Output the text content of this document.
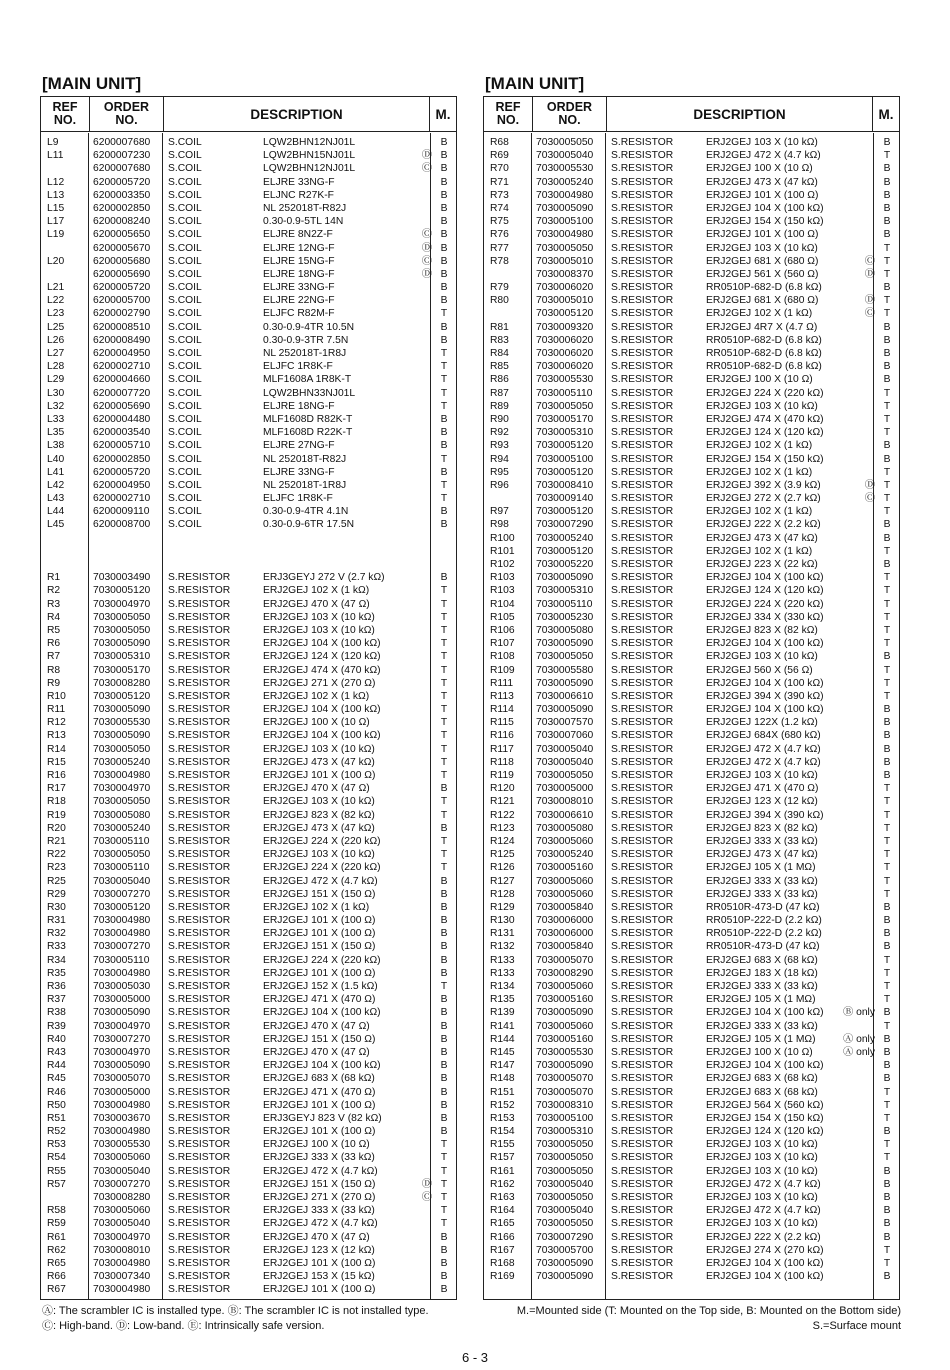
[MAIN UNIT]
REF
NO.
ORDER
NO.	DESCRIPTION	M.
L9	6200007680 S.COIL	LQW2BHN12NJ01L	B
L11	6200007230 S.COIL	LQW2BHN15NJ01L	Ⓓ B
6200007680 S.COIL	LQW2BHN12NJ01L	Ⓒ B
L12	6200005720 S.COIL	ELJRE 33NG-F	B
L13	6200003350 S.COIL	ELJNC R27K-F	B
L15	6200002850 S.COIL	NL 252018T-R82J	B
L17	6200008240 S.COIL	0.30-0.9-5TL 14N	B
L19	6200005650 S.COIL	ELJRE 8N2Z-F	Ⓒ B
6200005670 S.COIL	ELJRE 12NG-F	Ⓓ B
L20	6200005680 S.COIL	ELJRE 15NG-F	Ⓒ B
6200005690 S.COIL	ELJRE 18NG-F	Ⓓ B
L21	6200005720 S.COIL	ELJRE 33NG-F	B
L22	6200005700 S.COIL	ELJRE 22NG-F	B
L23	6200002790 S.COIL	ELJFC R82M-F	T
L25	6200008510 S.COIL	0.30-0.9-4TR 10.5N	B
L26	6200008490 S.COIL	0.30-0.9-3TR 7.5N	B
L27	6200004950 S.COIL	NL 252018T-1R8J	T
L28	6200002710 S.COIL	ELJFC 1R8K-F	T
L29	6200004660 S.COIL	MLF1608A 1R8K-T	T
L30	6200007720 S.COIL	LQW2BHN33NJ01L	T
L32	6200005690 S.COIL	ELJRE 18NG-F	T
L33	6200004480 S.COIL	MLF1608D R82K-T	B
L35	6200003540 S.COIL	MLF1608D R22K-T	B
L38	6200005710 S.COIL	ELJRE 27NG-F	B
L40	6200002850 S.COIL	NL 252018T-R82J	T
L41	6200005720 S.COIL	ELJRE 33NG-F	B
L42	6200004950 S.COIL	NL 252018T-1R8J	T
L43	6200002710 S.COIL	ELJFC 1R8K-F	T
L44	6200009110 S.COIL	0.30-0.9-4TR 4.1N	B
L45	6200008700 S.COIL	0.30-0.9-6TR 17.5N	B
R1	7030003490 S.RESISTOR	ERJ3GEYJ 272 V (2.7 kΩ)	B
R2	7030005120 S.RESISTOR	ERJ2GEJ 102 X (1 kΩ)	T
R3	7030004970 S.RESISTOR	ERJ2GEJ 470 X (47 Ω)	T
R4	7030005050 S.RESISTOR	ERJ2GEJ 103 X (10 kΩ)	T
R5	7030005050 S.RESISTOR	ERJ2GEJ 103 X (10 kΩ)	T
R6	7030005090 S.RESISTOR	ERJ2GEJ 104 X (100 kΩ)	T
R7	7030005310 S.RESISTOR	ERJ2GEJ 124 X (120 kΩ)	T
R8	7030005170 S.RESISTOR	ERJ2GEJ 474 X (470 kΩ)	T
R9	7030008280 S.RESISTOR	ERJ2GEJ 271 X (270 Ω)	T
R10	7030005120 S.RESISTOR	ERJ2GEJ 102 X (1 kΩ)	T
R11	7030005090 S.RESISTOR	ERJ2GEJ 104 X (100 kΩ)	T
R12	7030005530 S.RESISTOR	ERJ2GEJ 100 X (10 Ω)	T
R13	7030005090 S.RESISTOR	ERJ2GEJ 104 X (100 kΩ)	T
R14	7030005050 S.RESISTOR	ERJ2GEJ 103 X (10 kΩ)	T
R15	7030005240 S.RESISTOR	ERJ2GEJ 473 X (47 kΩ)	T
R16	7030004980 S.RESISTOR	ERJ2GEJ 101 X (100 Ω)	T
R17	7030004970 S.RESISTOR	ERJ2GEJ 470 X (47 Ω)	B
R18	7030005050 S.RESISTOR	ERJ2GEJ 103 X (10 kΩ)	T
R19	7030005080 S.RESISTOR	ERJ2GEJ 823 X (82 kΩ)	T
R20	7030005240 S.RESISTOR	ERJ2GEJ 473 X (47 kΩ)	B
R21	7030005110 S.RESISTOR	ERJ2GEJ 224 X (220 kΩ)	T
R22	7030005050 S.RESISTOR	ERJ2GEJ 103 X (10 kΩ)	T
R23	7030005110 S.RESISTOR	ERJ2GEJ 224 X (220 kΩ)	T
R25	7030005040 S.RESISTOR	ERJ2GEJ 472 X (4.7 kΩ)	B
R29	7030007270 S.RESISTOR	ERJ2GEJ 151 X (150 Ω)	B
R30	7030005120 S.RESISTOR	ERJ2GEJ 102 X (1 kΩ)	B
R31	7030004980 S.RESISTOR	ERJ2GEJ 101 X (100 Ω)	B
R32	7030004980 S.RESISTOR	ERJ2GEJ 101 X (100 Ω)	B
R33	7030007270 S.RESISTOR	ERJ2GEJ 151 X (150 Ω)	B
R34	7030005110 S.RESISTOR	ERJ2GEJ 224 X (220 kΩ)	B
R35	7030004980 S.RESISTOR	ERJ2GEJ 101 X (100 Ω)	B
R36	7030005030 S.RESISTOR	ERJ2GEJ 152 X (1.5 kΩ)	T
R37	7030005000 S.RESISTOR	ERJ2GEJ 471 X (470 Ω)	B
R38	7030005090 S.RESISTOR	ERJ2GEJ 104 X (100 kΩ)	B
R39	7030004970 S.RESISTOR	ERJ2GEJ 470 X (47 Ω)	B
R40	7030007270 S.RESISTOR	ERJ2GEJ 151 X (150 Ω)	B
R43	7030004970 S.RESISTOR	ERJ2GEJ 470 X (47 Ω)	B
R44	7030005090 S.RESISTOR	ERJ2GEJ 104 X (100 kΩ)	B
R45	7030005070 S.RESISTOR	ERJ2GEJ 683 X (68 kΩ)	B
R46	7030005000 S.RESISTOR	ERJ2GEJ 471 X (470 Ω)	B
R50	7030004980 S.RESISTOR	ERJ2GEJ 101 X (100 Ω)	B
R51	7030003670 S.RESISTOR	ERJ3GEYJ 823 V (82 kΩ)	B
R52	7030004980 S.RESISTOR	ERJ2GEJ 101 X (100 Ω)	B
R53	7030005530 S.RESISTOR	ERJ2GEJ 100 X (10 Ω)	T
R54	7030005060 S.RESISTOR	ERJ2GEJ 333 X (33 kΩ)	T
R55	7030005040 S.RESISTOR	ERJ2GEJ 472 X (4.7 kΩ)	T
R57	7030007270 S.RESISTOR	ERJ2GEJ 151 X (150 Ω)	Ⓓ T
7030008280 S.RESISTOR	ERJ2GEJ 271 X (270 Ω)	Ⓒ T
R58	7030005060 S.RESISTOR	ERJ2GEJ 333 X (33 kΩ)	T
R59	7030005040 S.RESISTOR	ERJ2GEJ 472 X (4.7 kΩ)	T
R61	7030004970 S.RESISTOR	ERJ2GEJ 470 X (47 Ω)	B
R62	7030008010 S.RESISTOR	ERJ2GEJ 123 X (12 kΩ)	B
R65	7030004980 S.RESISTOR	ERJ2GEJ 101 X (100 Ω)	B
R66	7030007340 S.RESISTOR	ERJ2GEJ 153 X (15 kΩ)	B
R67	7030004980 S.RESISTOR	ERJ2GEJ 101 X (100 Ω)	B
[MAIN UNIT]
REF
NO.
ORDER
NO.	DESCRIPTION	M.
R68	7030005050 S.RESISTOR	ERJ2GEJ 103 X (10 kΩ)	B
R69	7030005040 S.RESISTOR	ERJ2GEJ 472 X (4.7 kΩ)	T
R70	7030005530 S.RESISTOR	ERJ2GEJ 100 X (10 Ω)	B
R71	7030005240 S.RESISTOR	ERJ2GEJ 473 X (47 kΩ)	B
R73	7030004980 S.RESISTOR	ERJ2GEJ 101 X (100 Ω)	B
R74	7030005090 S.RESISTOR	ERJ2GEJ 104 X (100 kΩ)	B
R75	7030005100 S.RESISTOR	ERJ2GEJ 154 X (150 kΩ)	B
R76	7030004980 S.RESISTOR	ERJ2GEJ 101 X (100 Ω)	B
R77	7030005050 S.RESISTOR	ERJ2GEJ 103 X (10 kΩ)	T
R78	7030005010 S.RESISTOR	ERJ2GEJ 681 X (680 Ω)	Ⓒ T
7030008370 S.RESISTOR	ERJ2GEJ 561 X (560 Ω)	Ⓓ T
R79	7030006020 S.RESISTOR	RR0510P-682-D (6.8 kΩ)	B
R80	7030005010 S.RESISTOR	ERJ2GEJ 681 X (680 Ω)	Ⓓ T
7030005120 S.RESISTOR	ERJ2GEJ 102 X (1 kΩ)	Ⓒ T
R81	7030009320 S.RESISTOR	ERJ2GEJ 4R7 X (4.7 Ω)	B
R83	7030006020 S.RESISTOR	RR0510P-682-D (6.8 kΩ)	B
R84	7030006020 S.RESISTOR	RR0510P-682-D (6.8 kΩ)	B
R85	7030006020 S.RESISTOR	RR0510P-682-D (6.8 kΩ)	B
R86	7030005530 S.RESISTOR	ERJ2GEJ 100 X (10 Ω)	B
R87	7030005110 S.RESISTOR	ERJ2GEJ 224 X (220 kΩ)	T
R89	7030005050 S.RESISTOR	ERJ2GEJ 103 X (10 kΩ)	T
R90	7030005170 S.RESISTOR	ERJ2GEJ 474 X (470 kΩ)	T
R92	7030005310 S.RESISTOR	ERJ2GEJ 124 X (120 kΩ)	T
R93	7030005120 S.RESISTOR	ERJ2GEJ 102 X (1 kΩ)	B
R94	7030005100 S.RESISTOR	ERJ2GEJ 154 X (150 kΩ)	B
R95	7030005120 S.RESISTOR	ERJ2GEJ 102 X (1 kΩ)	T
R96	7030008410 S.RESISTOR	ERJ2GEJ 392 X (3.9 kΩ)	Ⓓ T
7030009140 S.RESISTOR	ERJ2GEJ 272 X (2.7 kΩ)	Ⓒ T
R97	7030005120 S.RESISTOR	ERJ2GEJ 102 X (1 kΩ)	T
R98	7030007290 S.RESISTOR	ERJ2GEJ 222 X (2.2 kΩ)	B
R100 7030005240 S.RESISTOR	ERJ2GEJ 473 X (47 kΩ)	B
R101 7030005120 S.RESISTOR	ERJ2GEJ 102 X (1 kΩ)	T
R102 7030005220 S.RESISTOR	ERJ2GEJ 223 X (22 kΩ)	B
R103 7030005090 S.RESISTOR	ERJ2GEJ 104 X (100 kΩ)	T
R103 7030005310 S.RESISTOR	ERJ2GEJ 124 X (120 kΩ)	T
R104 7030005110 S.RESISTOR	ERJ2GEJ 224 X (220 kΩ)	T
R105 7030005230 S.RESISTOR	ERJ2GEJ 334 X (330 kΩ)	T
R106 7030005080 S.RESISTOR	ERJ2GEJ 823 X (82 kΩ)	T
R107 7030005090 S.RESISTOR	ERJ2GEJ 104 X (100 kΩ)	T
R108 7030005050 S.RESISTOR	ERJ2GEJ 103 X (10 kΩ)	B
R109 7030005580 S.RESISTOR	ERJ2GEJ 560 X (56 Ω)	T
R111 7030005090 S.RESISTOR	ERJ2GEJ 104 X (100 kΩ)	T
R113 7030006610 S.RESISTOR	ERJ2GEJ 394 X (390 kΩ)	T
R114 7030005090 S.RESISTOR	ERJ2GEJ 104 X (100 kΩ)	B
R115 7030007570 S.RESISTOR	ERJ2GEJ 122X (1.2 kΩ)	B
R116 7030007060 S.RESISTOR	ERJ2GEJ 684X (680 kΩ)	B
R117 7030005040 S.RESISTOR	ERJ2GEJ 472 X (4.7 kΩ)	B
R118 7030005040 S.RESISTOR	ERJ2GEJ 472 X (4.7 kΩ)	B
R119 7030005050 S.RESISTOR	ERJ2GEJ 103 X (10 kΩ)	B
R120 7030005000 S.RESISTOR	ERJ2GEJ 471 X (470 Ω)	T
R121 7030008010 S.RESISTOR	ERJ2GEJ 123 X (12 kΩ)	T
R122 7030006610 S.RESISTOR	ERJ2GEJ 394 X (390 kΩ)	T
R123 7030005080 S.RESISTOR	ERJ2GEJ 823 X (82 kΩ)	T
R124 7030005060 S.RESISTOR	ERJ2GEJ 333 X (33 kΩ)	T
R125 7030005240 S.RESISTOR	ERJ2GEJ 473 X (47 kΩ)	T
R126 7030005160 S.RESISTOR	ERJ2GEJ 105 X (1 MΩ)	T
R127 7030005060 S.RESISTOR	ERJ2GEJ 333 X (33 kΩ)	T
R128 7030005060 S.RESISTOR	ERJ2GEJ 333 X (33 kΩ)	T
R129 7030005840 S.RESISTOR	RR0510R-473-D (47 kΩ)	B
R130 7030006000 S.RESISTOR	RR0510P-222-D (2.2 kΩ)	B
R131 7030006000 S.RESISTOR	RR0510P-222-D (2.2 kΩ)	B
R132 7030005840 S.RESISTOR	RR0510R-473-D (47 kΩ)	B
R133 7030005070 S.RESISTOR	ERJ2GEJ 683 X (68 kΩ)	T
R133 7030008290 S.RESISTOR	ERJ2GEJ 183 X (18 kΩ)	T
R134 7030005060 S.RESISTOR	ERJ2GEJ 333 X (33 kΩ)	T
R135 7030005160 S.RESISTOR	ERJ2GEJ 105 X (1 MΩ)	T
R139 7030005090 S.RESISTOR	ERJ2GEJ 104 X (100 kΩ)	Ⓑ only B
R141 7030005060 S.RESISTOR	ERJ2GEJ 333 X (33 kΩ)	T
R144 7030005160 S.RESISTOR	ERJ2GEJ 105 X (1 MΩ)	Ⓐ only B
R145 7030005530 S.RESISTOR	ERJ2GEJ 100 X (10 Ω)	Ⓐ only B
R147 7030005090 S.RESISTOR	ERJ2GEJ 104 X (100 kΩ)	B
R148 7030005070 S.RESISTOR	ERJ2GEJ 683 X (68 kΩ)	B
R151 7030005070 S.RESISTOR	ERJ2GEJ 683 X (68 kΩ)	T
R152 7030008310 S.RESISTOR	ERJ2GEJ 564 X (560 kΩ)	T
R153 7030005100 S.RESISTOR	ERJ2GEJ 154 X (150 kΩ)	T
R154 7030005310 S.RESISTOR	ERJ2GEJ 124 X (120 kΩ)	B
R155 7030005050 S.RESISTOR	ERJ2GEJ 103 X (10 kΩ)	T
R157 7030005050 S.RESISTOR	ERJ2GEJ 103 X (10 kΩ)	T
R161 7030005050 S.RESISTOR	ERJ2GEJ 103 X (10 kΩ)	B
R162 7030005040 S.RESISTOR	ERJ2GEJ 472 X (4.7 kΩ)	B
R163 7030005050 S.RESISTOR	ERJ2GEJ 103 X (10 kΩ)	B
R164 7030005040 S.RESISTOR	ERJ2GEJ 472 X (4.7 kΩ)	B
R165 7030005050 S.RESISTOR	ERJ2GEJ 103 X (10 kΩ)	B
R166 7030007290 S.RESISTOR	ERJ2GEJ 222 X (2.2 kΩ)	B
R167 7030005700 S.RESISTOR	ERJ2GEJ 274 X (270 kΩ)	T
R168 7030005090 S.RESISTOR	ERJ2GEJ 104 X (100 kΩ)	T
R169 7030005090 S.RESISTOR	ERJ2GEJ 104 X (100 kΩ)	B
Ⓐ: The scrambler IC is installed type. Ⓑ: The scrambler IC is not installed type.
Ⓒ: High-band. Ⓓ: Low-band. Ⓔ: Intrinsically safe version.
M.=Mounted side (T: Mounted on the Top side, B: Mounted on the Bottom side)
S.=Surface mount
6 - 3
